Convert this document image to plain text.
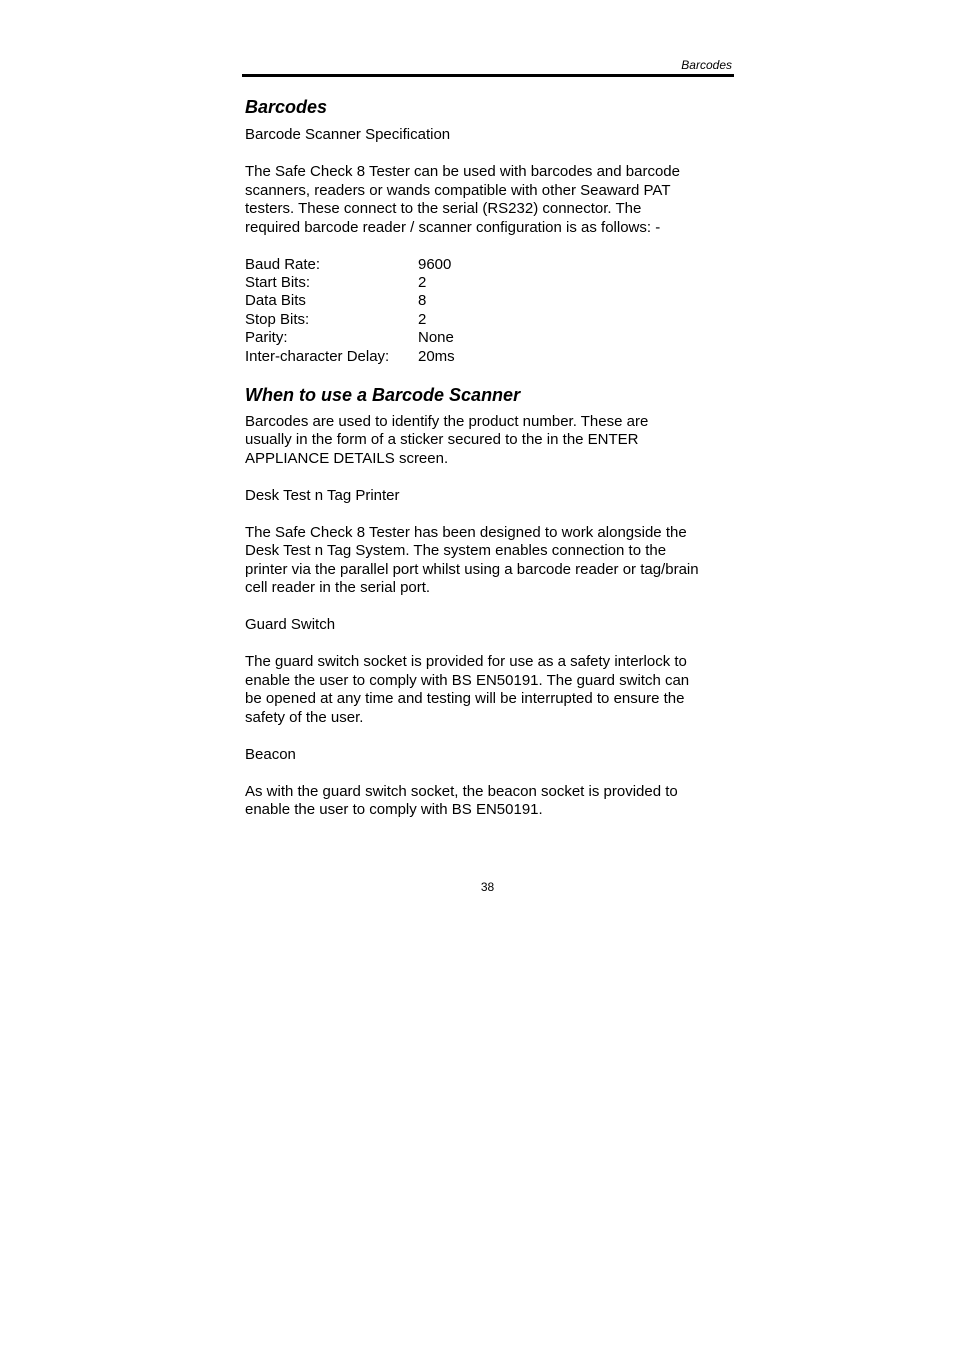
Barcodes

Barcodes

Barcode Scanner Specification

The Safe Check 8 Tester can be used with barcodes and barcode

scanners, readers or wands compatible with other Seaward PAT

testers. These connect to the serial (RS232) connector. The

required barcode reader / scanner configuration is as follows: -

Baud Rate:	9600
Start Bits:	2
Data Bits	8
Stop Bits:	2
Parity:	None
Inter-character Delay:	20ms

When to use a Barcode Scanner

Barcodes are used to identify the product number. These are

usually in the form of a sticker secured to the in the ENTER

APPLIANCE DETAILS screen.

Desk Test n Tag Printer

The Safe Check 8 Tester has been designed to work alongside the

Desk Test n Tag System. The system enables connection to the

printer via the parallel port whilst using a barcode reader or tag/brain

cell reader in the serial port.

Guard Switch

The guard switch socket is provided for use as a safety interlock to

enable the user to comply with BS EN50191. The guard switch can

be opened at any time and testing will be interrupted to ensure the

safety of the user.

Beacon

As with the guard switch socket, the beacon socket is provided to

enable the user to comply with BS EN50191.

38
